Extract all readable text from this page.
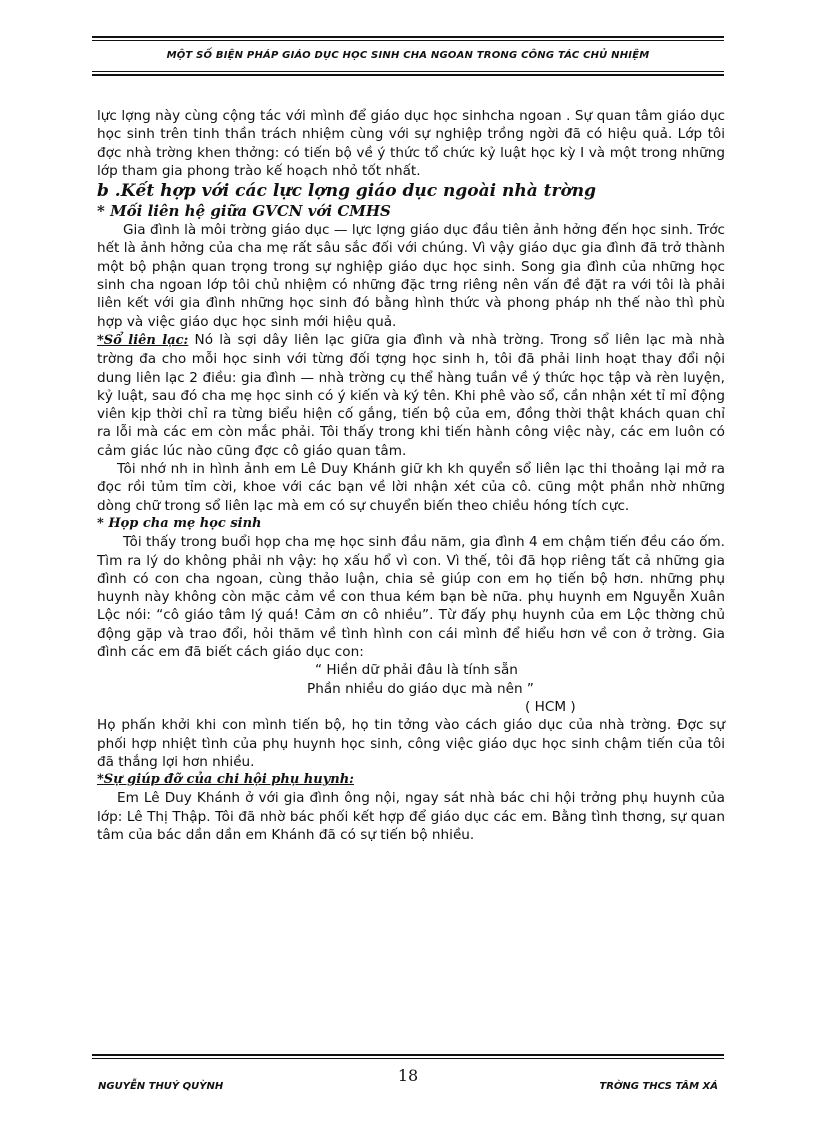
MỘT SỐ BIỆN PHÁP GIÁO DỤC HỌC SINH CHA NGOAN TRONG CÔNG TÁC CHỦ NHIỆM

lực lợng này cùng cộng tác với mình để giáo dục học sinhcha ngoan . Sự quan tâm giáo dục học sinh trên tinh thần trách nhiệm cùng với sự nghiệp trồng ngời đã có hiệu quả. Lớp tôi đợc nhà trờng khen thởng: có tiến bộ về ý thức tổ chức kỷ luật học kỳ I và một trong những lớp tham gia phong trào kế hoạch nhỏ tốt nhất.

b .Kết hợp với các lực lợng giáo dục ngoài nhà trờng

* Mối liên hệ giữa GVCN với CMHS

Gia đình là môi trờng giáo dục — lực lợng giáo dục đầu tiên ảnh hởng đến học sinh. Trớc hết là ảnh hởng của cha mẹ rất sâu sắc đối với chúng. Vì vậy giáo dục gia đình đã trở thành một bộ phận quan trọng trong sự nghiệp giáo dục học sinh. Song gia đình của những học sinh cha ngoan lớp tôi chủ nhiệm có những đặc trng riêng nên vấn đề đặt ra với tôi là phải liên kết với gia đình những học sinh đó bằng hình thức và phong pháp nh thế nào thì phù hợp và việc giáo dục học sinh mới hiệu quả.

*Sổ liên lạc: Nó là sợi dây liên lạc giữa gia đình và nhà trờng. Trong sổ liên lạc mà nhà trờng đa cho mỗi học sinh với từng đối tợng học sinh h, tôi đã phải linh hoạt thay đổi nội dung liên lạc 2 điều: gia đình — nhà trờng cụ thể hàng tuần về ý thức học tập và rèn luyện, kỷ luật, sau đó cha mẹ học sinh có ý kiến và ký tên. Khi phê vào sổ, cần nhận xét tỉ mỉ động viên kịp thời chỉ ra từng biểu hiện cố gắng, tiến bộ của em, đồng thời thật khách quan chỉ ra lỗi mà các em còn mắc phải. Tôi thấy trong khi tiến hành công việc này, các em luôn có cảm giác lúc nào cũng đợc cô giáo quan tâm.

Tôi nhớ nh in hình ảnh em Lê Duy Khánh giữ kh kh quyển sổ liên lạc thi thoảng lại mở ra đọc rồi tủm tỉm cời, khoe với các bạn về lời nhận xét của cô. cũng một phần nhờ những dòng chữ trong sổ liên lạc mà em có sự chuyển biến theo chiều hóng tích cực.

* Họp cha mẹ học sinh

Tôi thấy trong buổi họp cha mẹ học sinh đầu năm, gia đình 4 em chậm tiến đều cáo ốm. Tìm ra lý do không phải nh vậy: họ xấu hổ vì con. Vì thế, tôi đã họp riêng tất cả những gia đình có con cha ngoan, cùng thảo luận, chia sẻ giúp con em họ tiến bộ hơn. những phụ huynh này không còn mặc cảm về con thua kém bạn bè nữa. phụ huynh em Nguyễn Xuân Lộc nói: “cô giáo tâm lý quá! Cảm ơn cô nhiều”. Từ đấy phụ huynh của em Lộc thờng chủ động gặp và trao đổi, hỏi thăm về tình hình con cái mình để hiểu hơn về con ở trờng. Gia đình các em đã biết cách giáo dục con:

“ Hiền dữ phải đâu là tính sẵn

Phần nhiều do giáo dục mà nên ”

( HCM )

Họ phấn khởi khi con mình tiến bộ, họ tin tởng vào cách giáo dục của nhà trờng. Đợc sự phối hợp nhiệt tình của phụ huynh học sinh, công việc giáo dục học sinh chậm tiến của tôi đã thắng lợi hơn nhiều.

*Sự giúp đỡ của chi hội phụ huynh:

Em Lê Duy Khánh ở với gia đình ông nội, ngay sát nhà bác chi hội trởng phụ huynh của lớp: Lê Thị Thập. Tôi đã nhờ bác phối kết hợp để giáo dục các em. Bằng tình thơng, sự quan tâm của bác dần dần em Khánh đã có sự tiến bộ nhiều.

NGUYỄN THUÝ QUỲNH
18
TRỜNG THCS TÂM XÁ
